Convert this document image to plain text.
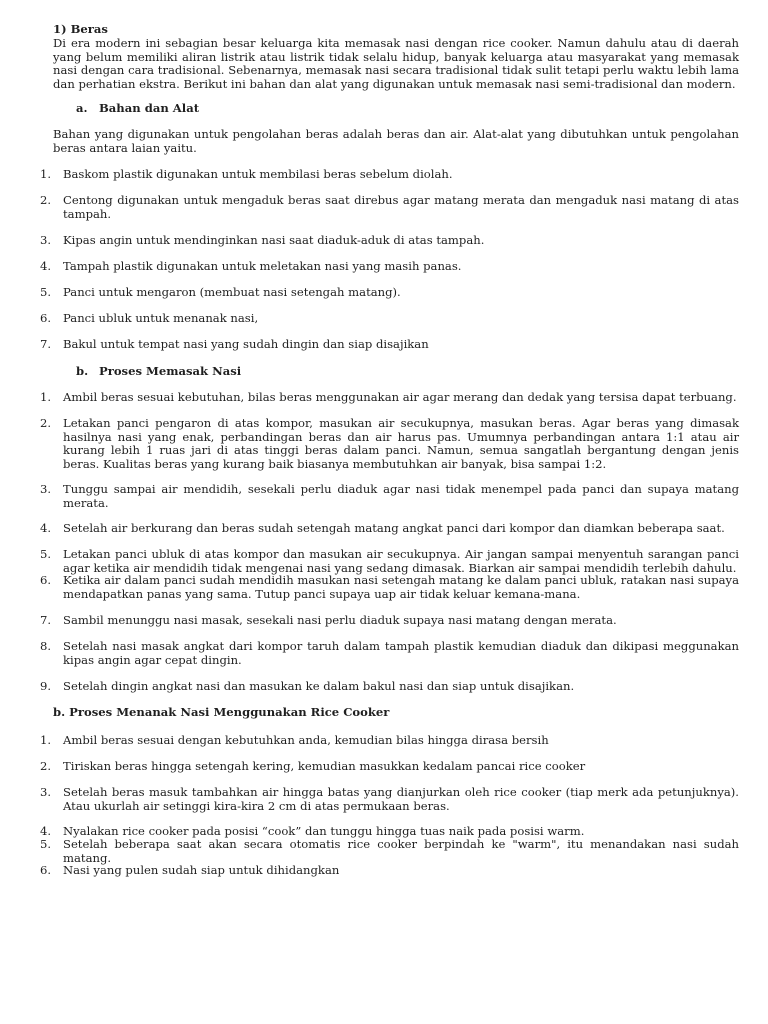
1) Beras

Di era modern ini sebagian besar keluarga kita memasak nasi dengan rice cooker. Namun dahulu atau di daerah yang belum memiliki aliran listrik atau listrik tidak selalu hidup, banyak keluarga atau masyarakat yang memasak nasi dengan cara tradisional. Sebenarnya, memasak nasi secara tradisional tidak sulit tetapi perlu waktu lebih lama dan perhatian ekstra. Berikut ini bahan dan alat yang digunakan untuk memasak nasi semi-tradisional dan modern.

a. Bahan dan Alat

Bahan yang digunakan untuk pengolahan beras adalah beras dan air. Alat-alat yang dibutuhkan untuk pengolahan beras antara laian yaitu.

1.	Baskom plastik digunakan untuk membilasi beras sebelum diolah.
2.	Centong digunakan untuk mengaduk beras saat direbus agar matang merata dan mengaduk nasi matang di atas tampah.
3.	Kipas angin untuk mendinginkan nasi saat diaduk-aduk di atas tampah.
4.	Tampah plastik digunakan untuk meletakan nasi yang masih panas.
5.	Panci untuk mengaron (membuat nasi setengah matang).
6.	Panci ubluk untuk menanak nasi,
7.	Bakul untuk tempat nasi yang sudah dingin dan siap disajikan
b. Proses Memasak Nasi
1.	Ambil beras sesuai kebutuhan, bilas beras menggunakan air agar merang dan dedak yang tersisa dapat terbuang.
2.	Letakan panci pengaron di atas kompor, masukan air secukupnya, masukan beras. Agar beras yang dimasak hasilnya nasi yang enak, perbandingan beras dan air harus pas. Umumnya perbandingan antara 1:1 atau air kurang lebih 1 ruas jari di atas tinggi beras dalam panci. Namun, semua sangatlah bergantung dengan jenis beras. Kualitas beras yang kurang baik biasanya membutuhkan air banyak, bisa sampai 1:2.
3.	Tunggu sampai air mendidih, sesekali perlu diaduk agar nasi tidak menempel pada panci dan supaya matang merata.
4.	Setelah air berkurang dan beras sudah setengah matang angkat panci dari kompor dan diamkan beberapa saat.
5.	Letakan panci ubluk di atas kompor dan masukan air secukupnya. Air jangan sampai menyentuh sarangan panci agar ketika air mendidih tidak mengenai nasi yang sedang dimasak. Biarkan air sampai mendidih terlebih dahulu.
6.	Ketika air dalam panci sudah mendidih masukan nasi setengah matang ke dalam panci ubluk, ratakan nasi supaya mendapatkan panas yang sama. Tutup panci supaya uap air tidak keluar kemana-mana.
7.	Sambil menunggu nasi masak, sesekali nasi perlu diaduk supaya nasi matang dengan merata.
8.	Setelah nasi masak angkat dari kompor taruh dalam tampah plastik kemudian diaduk dan dikipasi meggunakan kipas angin agar cepat dingin.
9.	Setelah dingin angkat nasi dan masukan ke dalam bakul nasi dan siap untuk disajikan.
b. Proses Menanak Nasi Menggunakan Rice Cooker
1.	Ambil beras sesuai dengan kebutuhkan anda, kemudian bilas hingga dirasa bersih
2.	Tiriskan beras hingga setengah kering, kemudian masukkan kedalam pancai rice cooker
3.	Setelah beras masuk tambahkan air hingga batas yang dianjurkan oleh rice cooker (tiap merk ada petunjuknya). Atau ukurlah air setinggi kira-kira 2 cm di atas permukaan beras.
4.	Nyalakan rice cooker pada posisi “cook” dan tunggu hingga tuas naik pada posisi warm.
5.	Setelah beberapa saat akan secara otomatis rice cooker berpindah ke "warm", itu menandakan nasi sudah matang.
6.	Nasi yang pulen sudah siap untuk dihidangkan
